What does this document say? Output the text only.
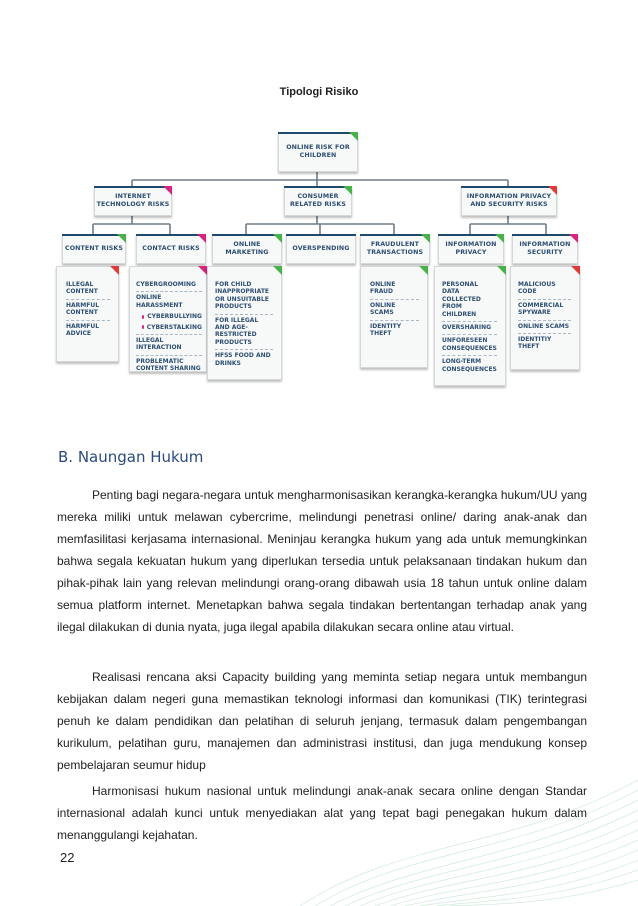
Tipologi Risiko
ONLINE RISK FOR CHILDREN
INTERNET TECHNOLOGY RISKS
CONSUMER RELATED RISKS
INFORMATION PRIVACY AND SECURITY RISKS
CONTENT RISKS	CONTACT RISKS
ONLINE MARKETING
OVERSPENDING
FRAUDULENT TRANSACTIONS
INFORMATION PRIVACY
INFORMATION SECURITY
ILLEGAL CONTENT
HARMFUL CONTENT
HARMFUL ADVICE
CYBERGROOMING
ONLINE HARASSMENT
CYBERBULLYING
CYBERSTALKING
ILLEGAL INTERACTION
PROBLEMATIC CONTENT SHARING
FOR CHILD INAPPROPRIATE OR UNSUITABLE PRODUCTS
FOR ILLEGAL AND AGE-RESTRICTED PRODUCTS
HFSS FOOD AND DRINKS
ONLINE FRAUD
ONLINE SCAMS
IDENTITY THEFT
PERSONAL DATA COLLECTED FROM CHILDREN
OVERSHARING
UNFORESEEN CONSEQUENCES
LONG-TERM CONSEQUENCES
MALICIOUS CODE
COMMERCIAL SPYWARE
ONLINE SCAMS
IDENTITIY THEFT
B. Naungan Hukum

Penting bagi negara-negara untuk mengharmonisasikan kerangka-kerangka hukum/UU yang mereka miliki untuk melawan cybercrime, melindungi penetrasi online/ daring anak-anak dan memfasilitasi kerjasama internasional. Meninjau kerangka hukum yang ada untuk memungkinkan bahwa segala kekuatan hukum yang diperlukan tersedia untuk pelaksanaan tindakan hukum dan pihak-pihak lain yang relevan melindungi orang-orang dibawah usia 18 tahun untuk online dalam semua platform internet. Menetapkan bahwa segala tindakan bertentangan terhadap anak yang ilegal dilakukan di dunia nyata, juga ilegal apabila dilakukan secara online atau virtual.

Realisasi rencana aksi Capacity building yang meminta setiap negara untuk membangun kebijakan dalam negeri guna memastikan teknologi informasi dan komunikasi (TIK) terintegrasi penuh ke dalam pendidikan dan pelatihan di seluruh jenjang, termasuk dalam pengembangan kurikulum, pelatihan guru, manajemen dan administrasi institusi, dan juga mendukung konsep pembelajaran seumur hidup

Harmonisasi hukum nasional untuk melindungi anak-anak secara online dengan Standar internasional adalah kunci untuk menyediakan alat yang tepat bagi penegakan hukum dalam menanggulangi kejahatan.

22
